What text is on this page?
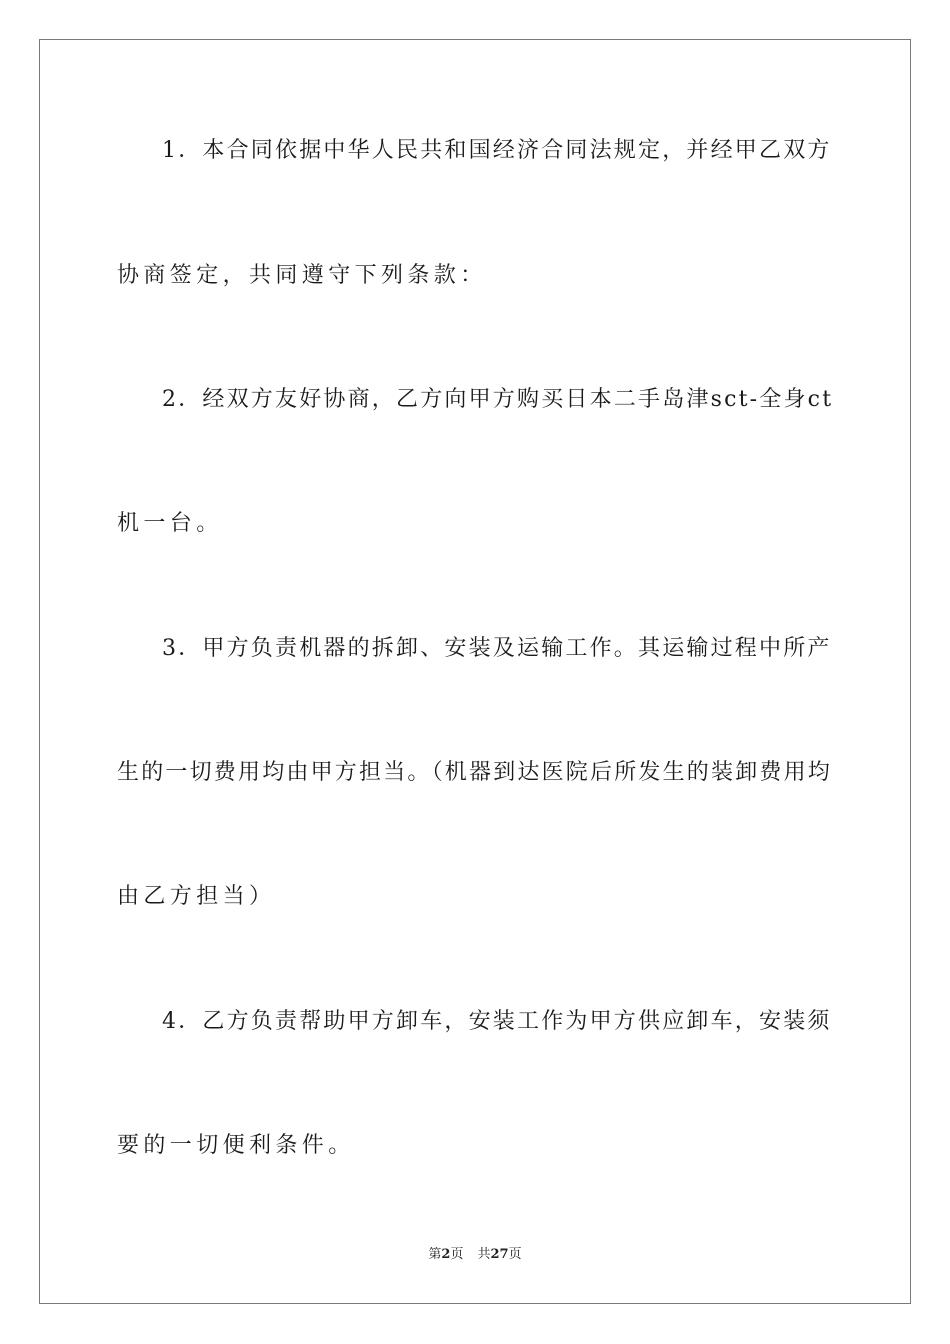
1．本合同依据中华人民共和国经济合同法规定，并经甲乙双方
协商签定，共同遵守下列条款：
2．经双方友好协商，乙方向甲方购买日本二手岛津sct-全身ct
机一台。
3．甲方负责机器的拆卸、安装及运输工作。其运输过程中所产
生的一切费用均由甲方担当。（机器到达医院后所发生的装卸费用均
由乙方担当）
4．乙方负责帮助甲方卸车，安装工作为甲方供应卸车，安装须
要的一切便利条件。
第2页 共27页
